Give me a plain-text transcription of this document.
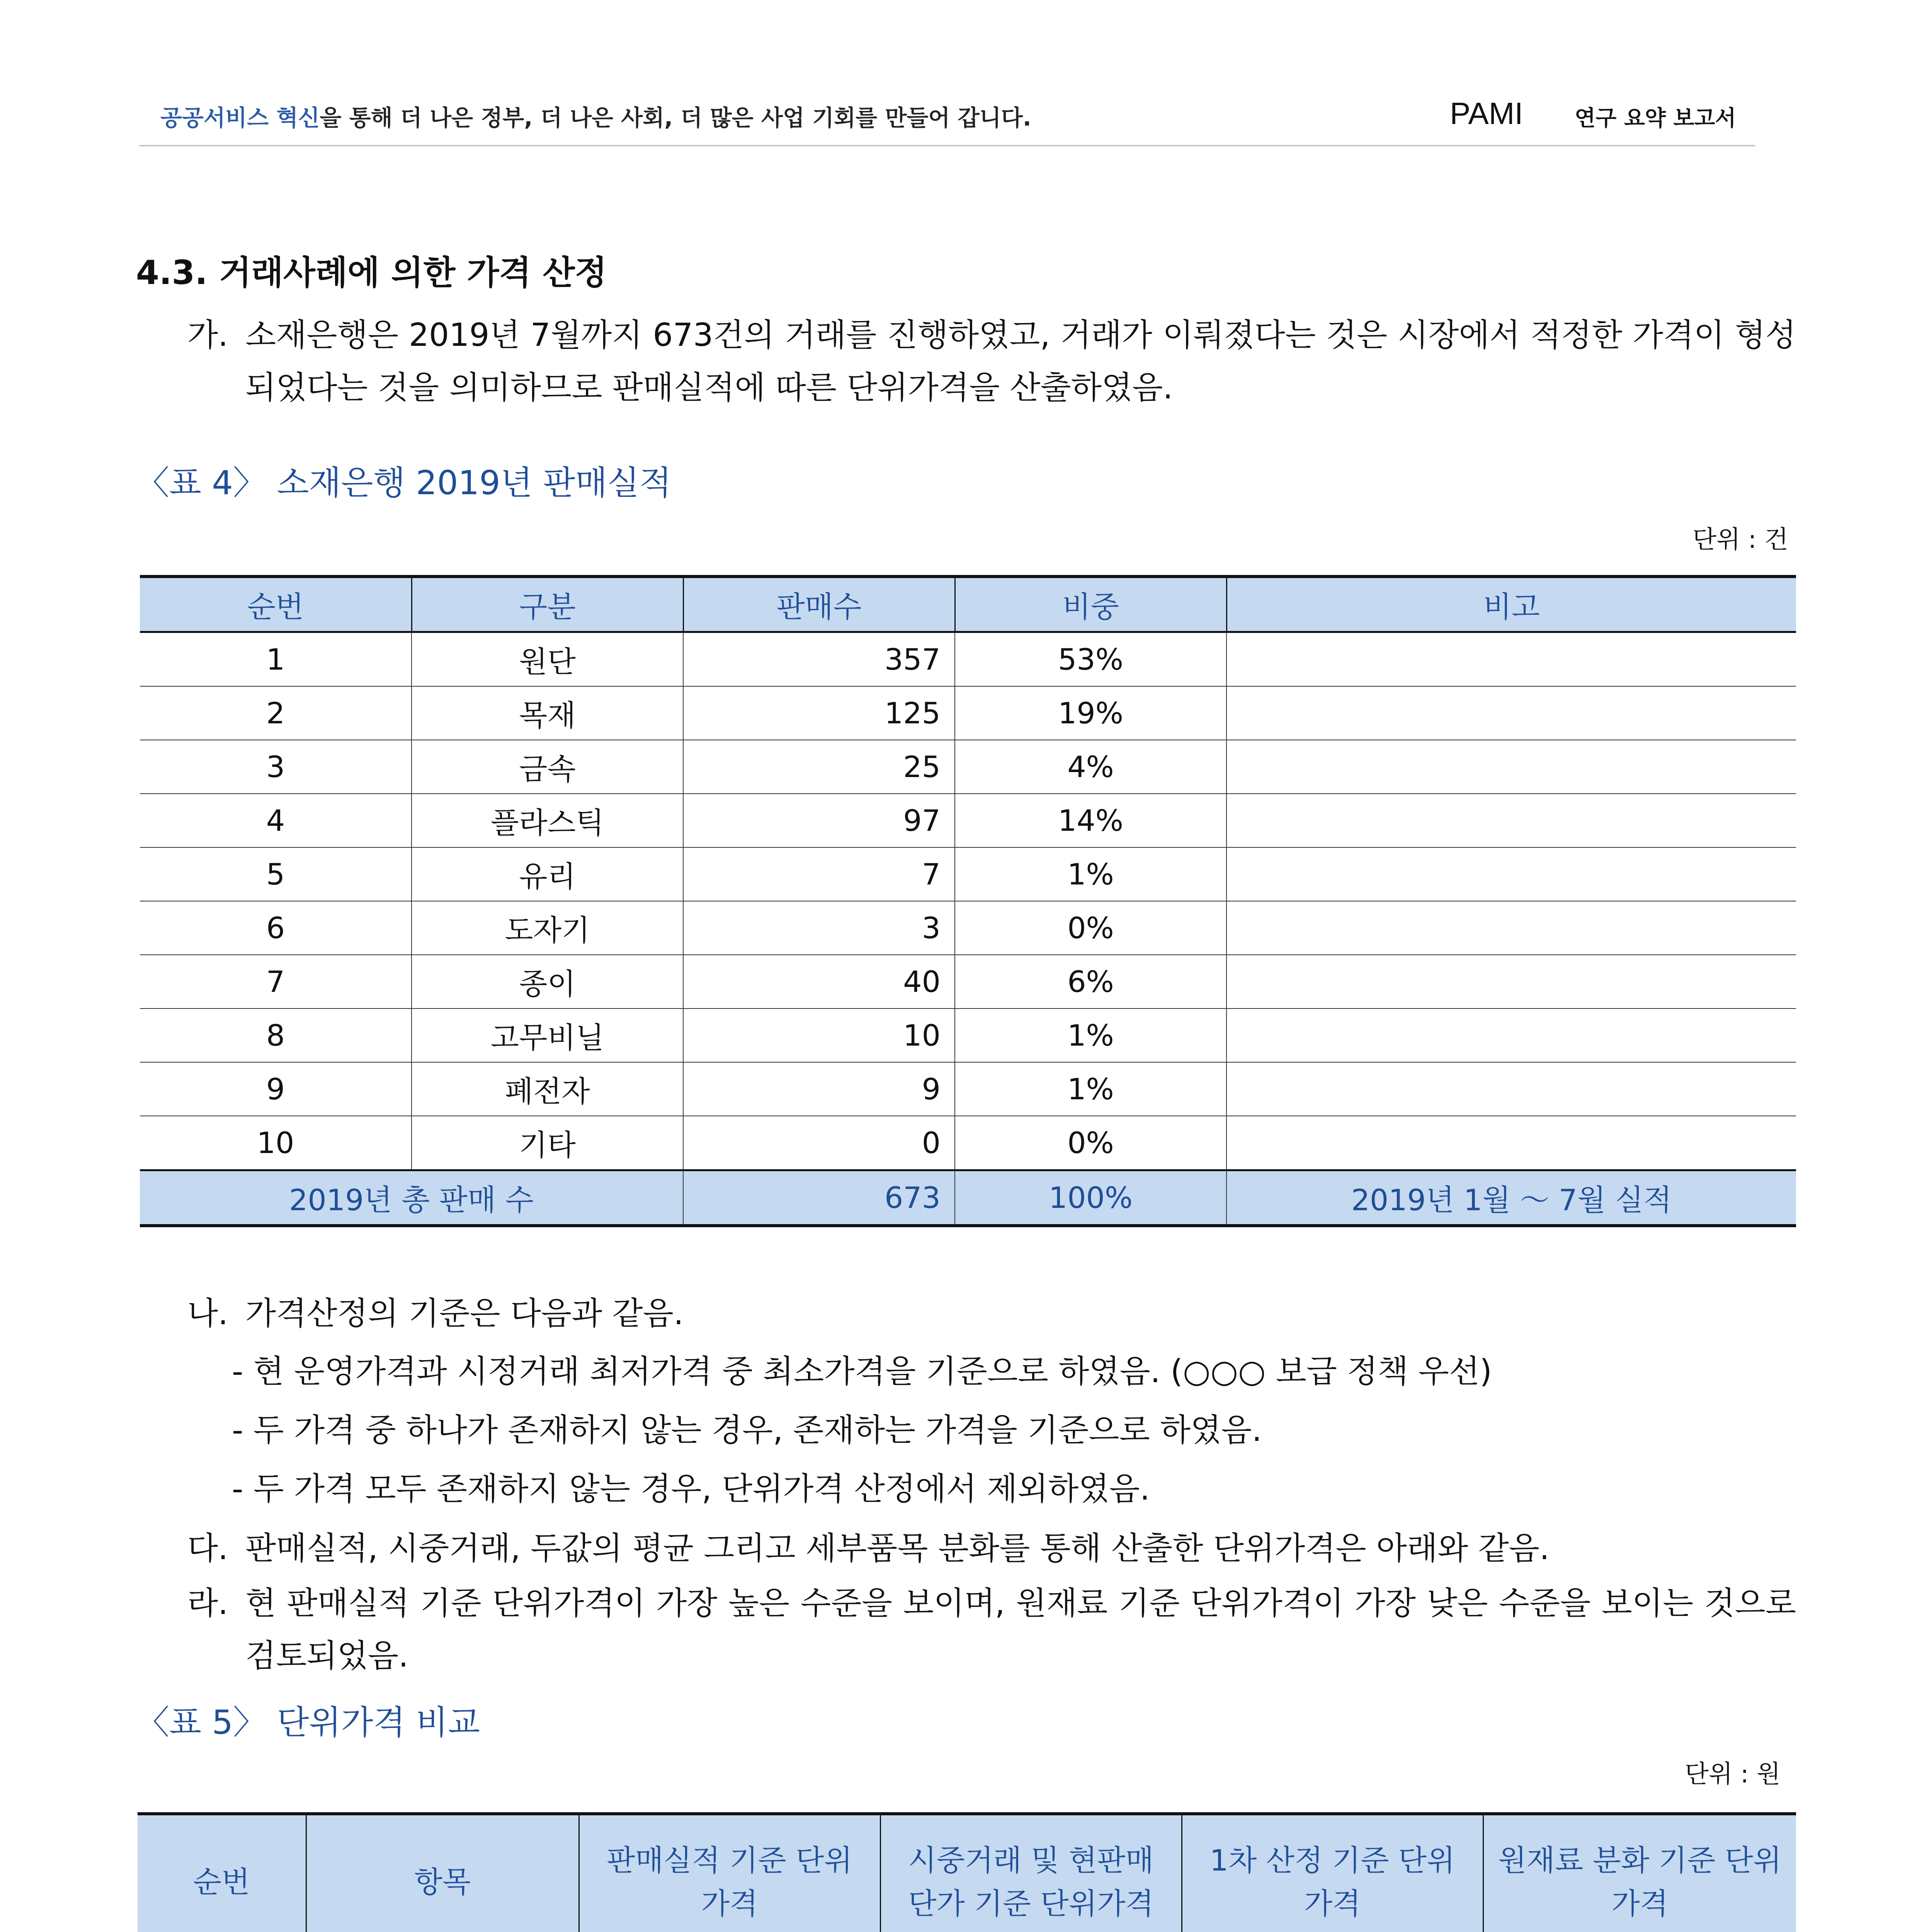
공공서비스 혁신을 통해 더 나은 정부, 더 나은 사회, 더 많은 사업 기회를 만들어 갑니다.	PAMI 연구 요약 보고서
4.3. 거래사례에 의한 가격 산정
가. 소재은행은 2019년 7월까지 673건의 거래를 진행하였고, 거래가 이뤄졌다는 것은 시장에서 적정한 가격이 형성되었다는 것을 의미하므로 판매실적에 따른 단위가격을 산출하였음.
〈표 4〉 소재은행 2019년 판매실적
단위 : 건
순번	구분	판매수	비중	비고
1	원단	357	53%	
2	목재	125	19%	
3	금속	25	4%	
4	플라스틱	97	14%	
5	유리	7	1%	
6	도자기	3	0%	
7	종이	40	6%	
8	고무비닐	10	1%	
9	폐전자	9	1%	
10	기타	0	0%	
2019년 총 판매 수		673	100%	2019년 1월 ～ 7월 실적
나. 가격산정의 기준은 다음과 같음.
- 현 운영가격과 시정거래 최저가격 중 최소가격을 기준으로 하였음. (○○○ 보급 정책 우선)
- 두 가격 중 하나가 존재하지 않는 경우, 존재하는 가격을 기준으로 하였음.
- 두 가격 모두 존재하지 않는 경우, 단위가격 산정에서 제외하였음.
다. 판매실적, 시중거래, 두값의 평균 그리고 세부품목 분화를 통해 산출한 단위가격은 아래와 같음.
라. 현 판매실적 기준 단위가격이 가장 높은 수준을 보이며, 원재료 기준 단위가격이 가장 낮은 수준을 보이는 것으로 검토되었음.
〈표 5〉 단위가격 비교
단위 : 원
순번	항목	판매실적 기준 단위가격	시중거래 및 현판매단가 기준 단위가격	1차 산정 기준 단위가격	원재료 분화 기준 단위가격
